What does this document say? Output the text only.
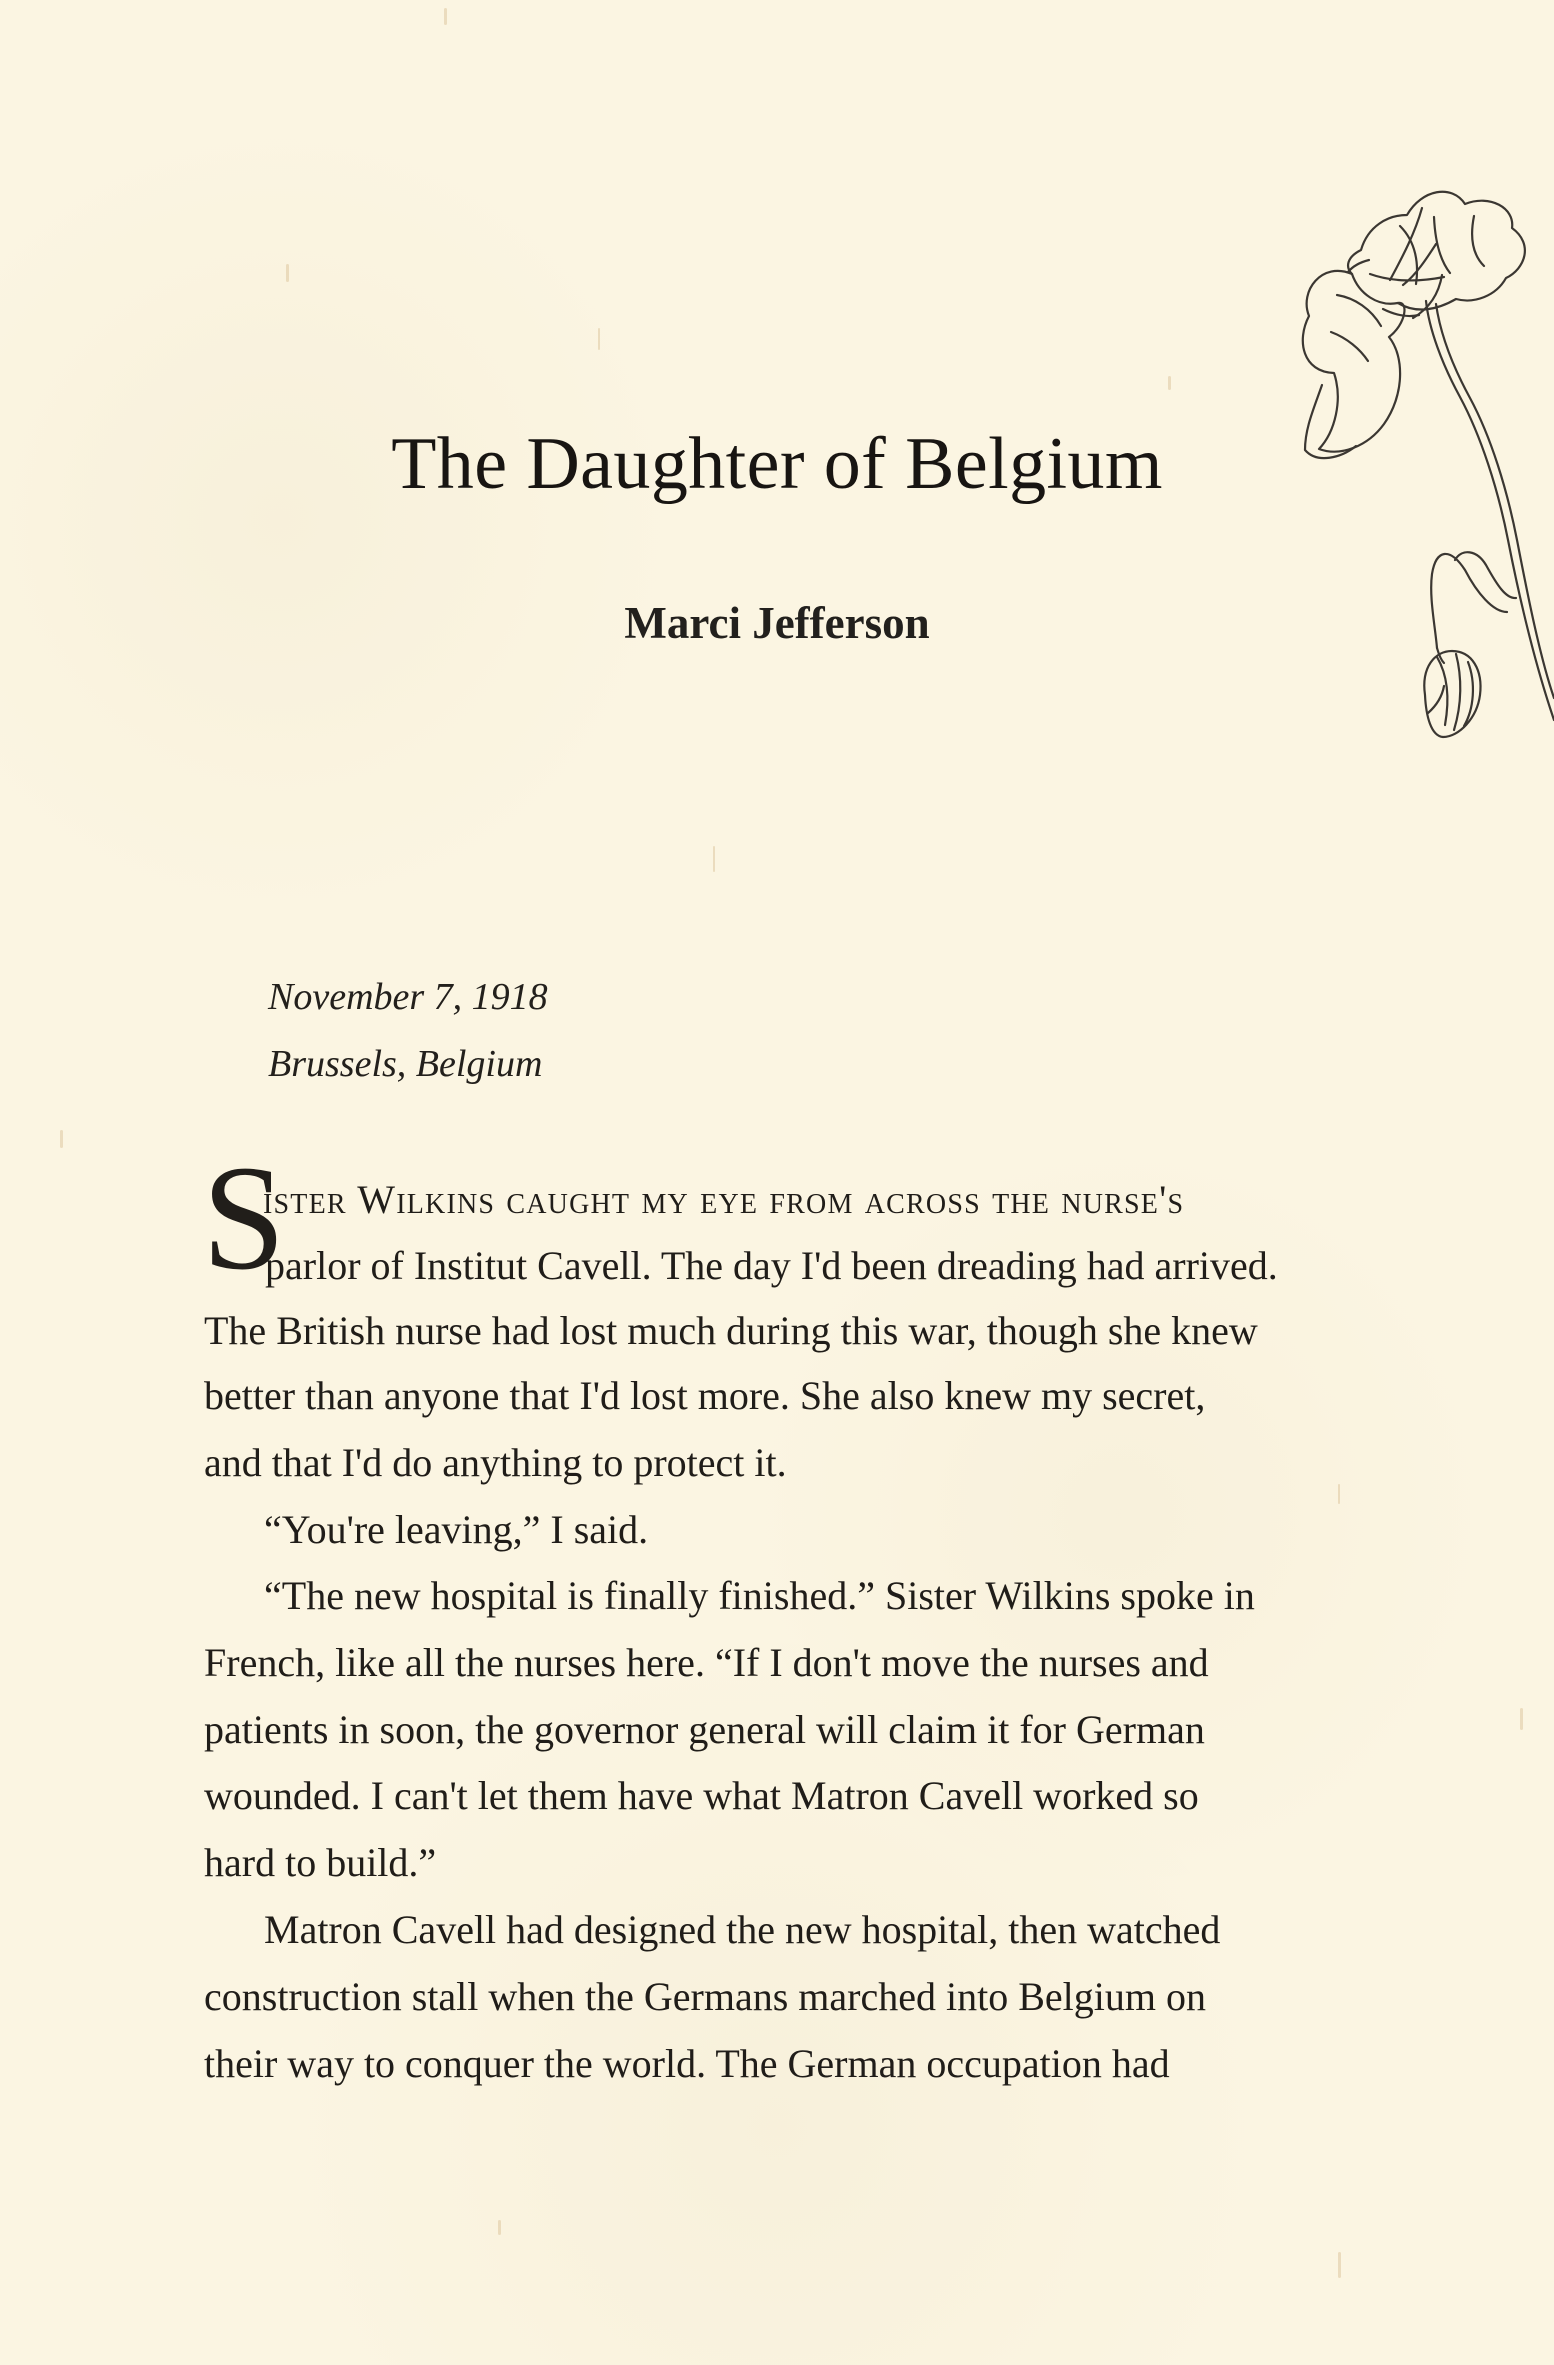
The Daughter of Belgium
Marci Jefferson
November 7, 1918
Brussels, Belgium
S
ister Wilkins caught my eye from across the nurse's
parlor of Institut Cavell. The day I'd been dreading had arrived.
The British nurse had lost much during this war, though she knew
better than anyone that I'd lost more. She also knew my secret,
and that I'd do anything to protect it.
“You're leaving,” I said.
“The new hospital is finally finished.” Sister Wilkins spoke in
French, like all the nurses here. “If I don't move the nurses and
patients in soon, the governor general will claim it for German
wounded. I can't let them have what Matron Cavell worked so
hard to build.”
Matron Cavell had designed the new hospital, then watched
construction stall when the Germans marched into Belgium on
their way to conquer the world. The German occupation had
